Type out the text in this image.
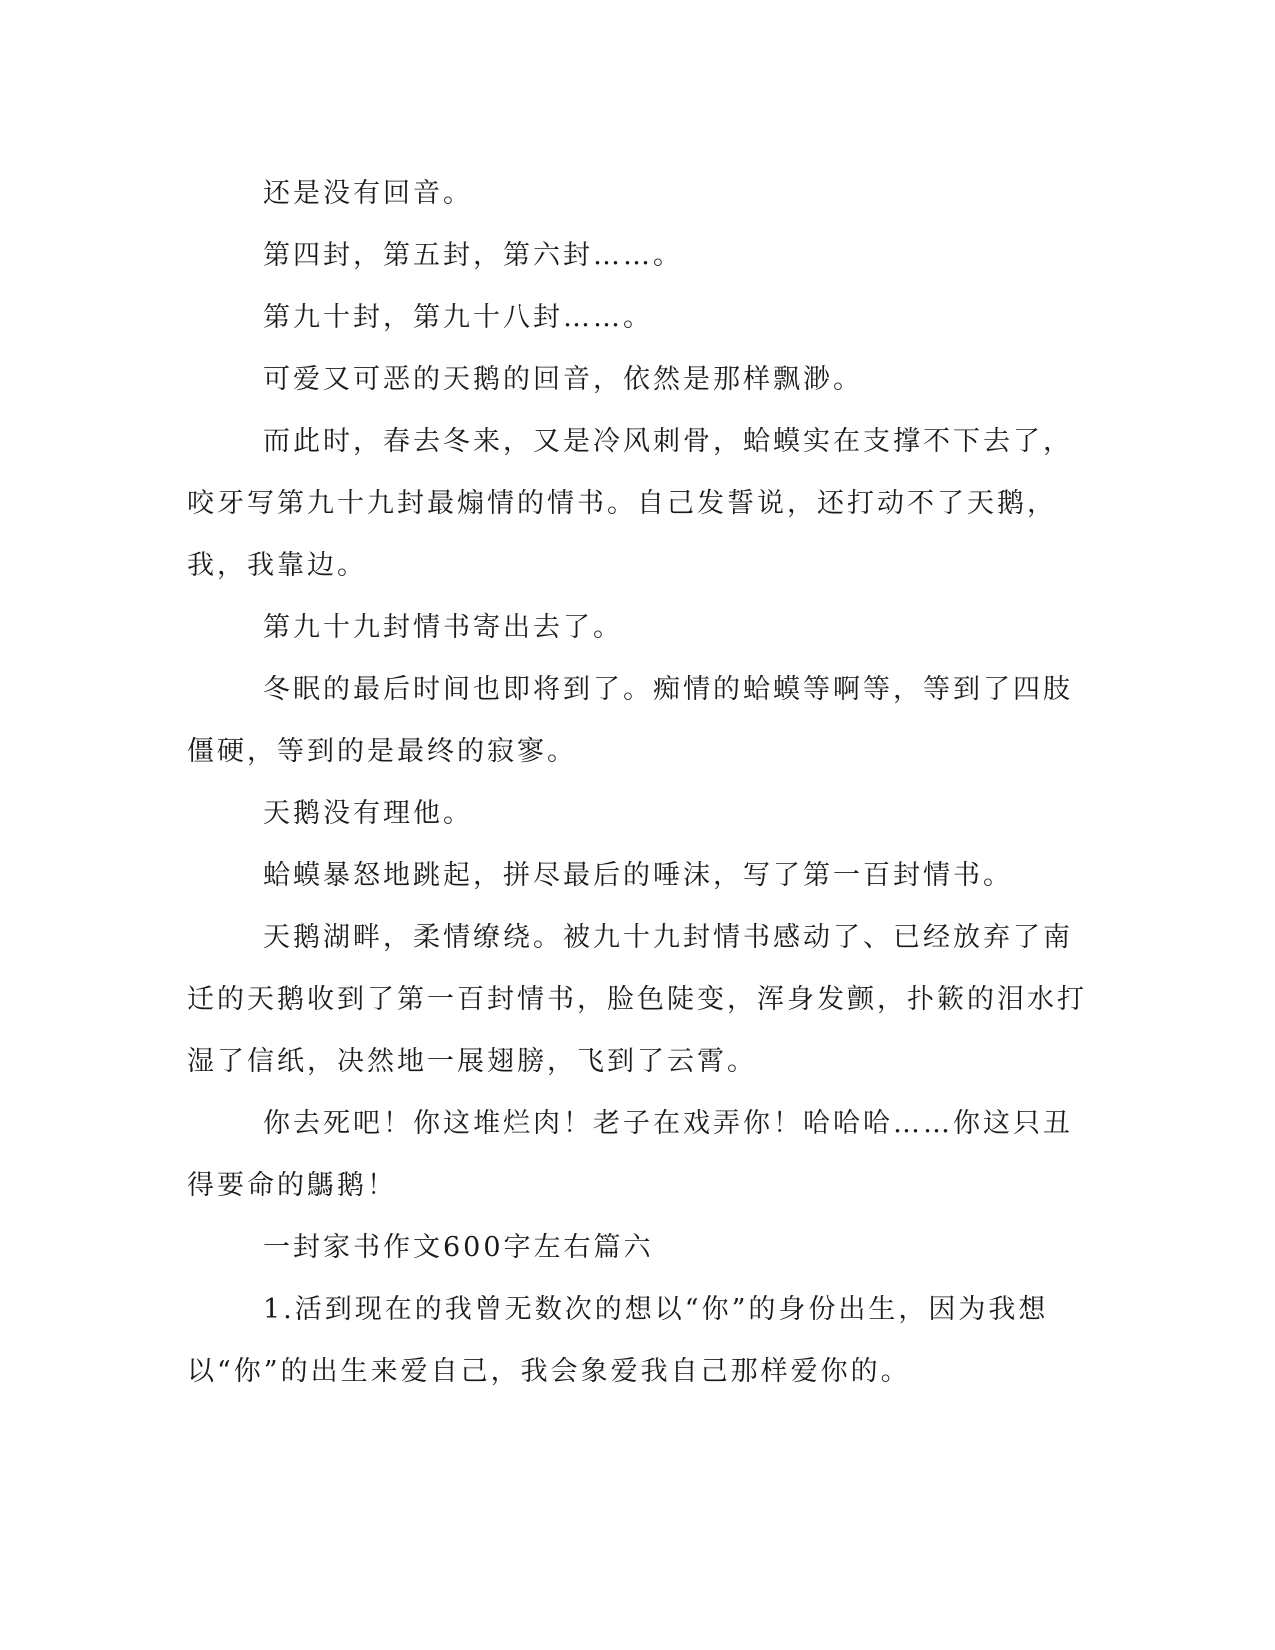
还是没有回音。

第四封，第五封，第六封……。

第九十封，第九十八封……。

可爱又可恶的天鹅的回音，依然是那样飘渺。

而此时，春去冬来，又是冷风刺骨，蛤蟆实在支撑不下去了，咬牙写第九十九封最煽情的情书。自己发誓说，还打动不了天鹅，我，我靠边。

第九十九封情书寄出去了。

冬眠的最后时间也即将到了。痴情的蛤蟆等啊等，等到了四肢僵硬，等到的是最终的寂寥。

天鹅没有理他。

蛤蟆暴怒地跳起，拼尽最后的唾沫，写了第一百封情书。

天鹅湖畔，柔情缭绕。被九十九封情书感动了、已经放弃了南迁的天鹅收到了第一百封情书，脸色陡变，浑身发颤，扑簌的泪水打湿了信纸，决然地一展翅膀，飞到了云霄。

你去死吧！你这堆烂肉！老子在戏弄你！哈哈哈……你这只丑得要命的鷌鹅！

一封家书作文600字左右篇六

1.活到现在的我曾无数次的想以“你”的身份出生，因为我想以“你”的出生来爱自己，我会象爱我自己那样爱你的。
